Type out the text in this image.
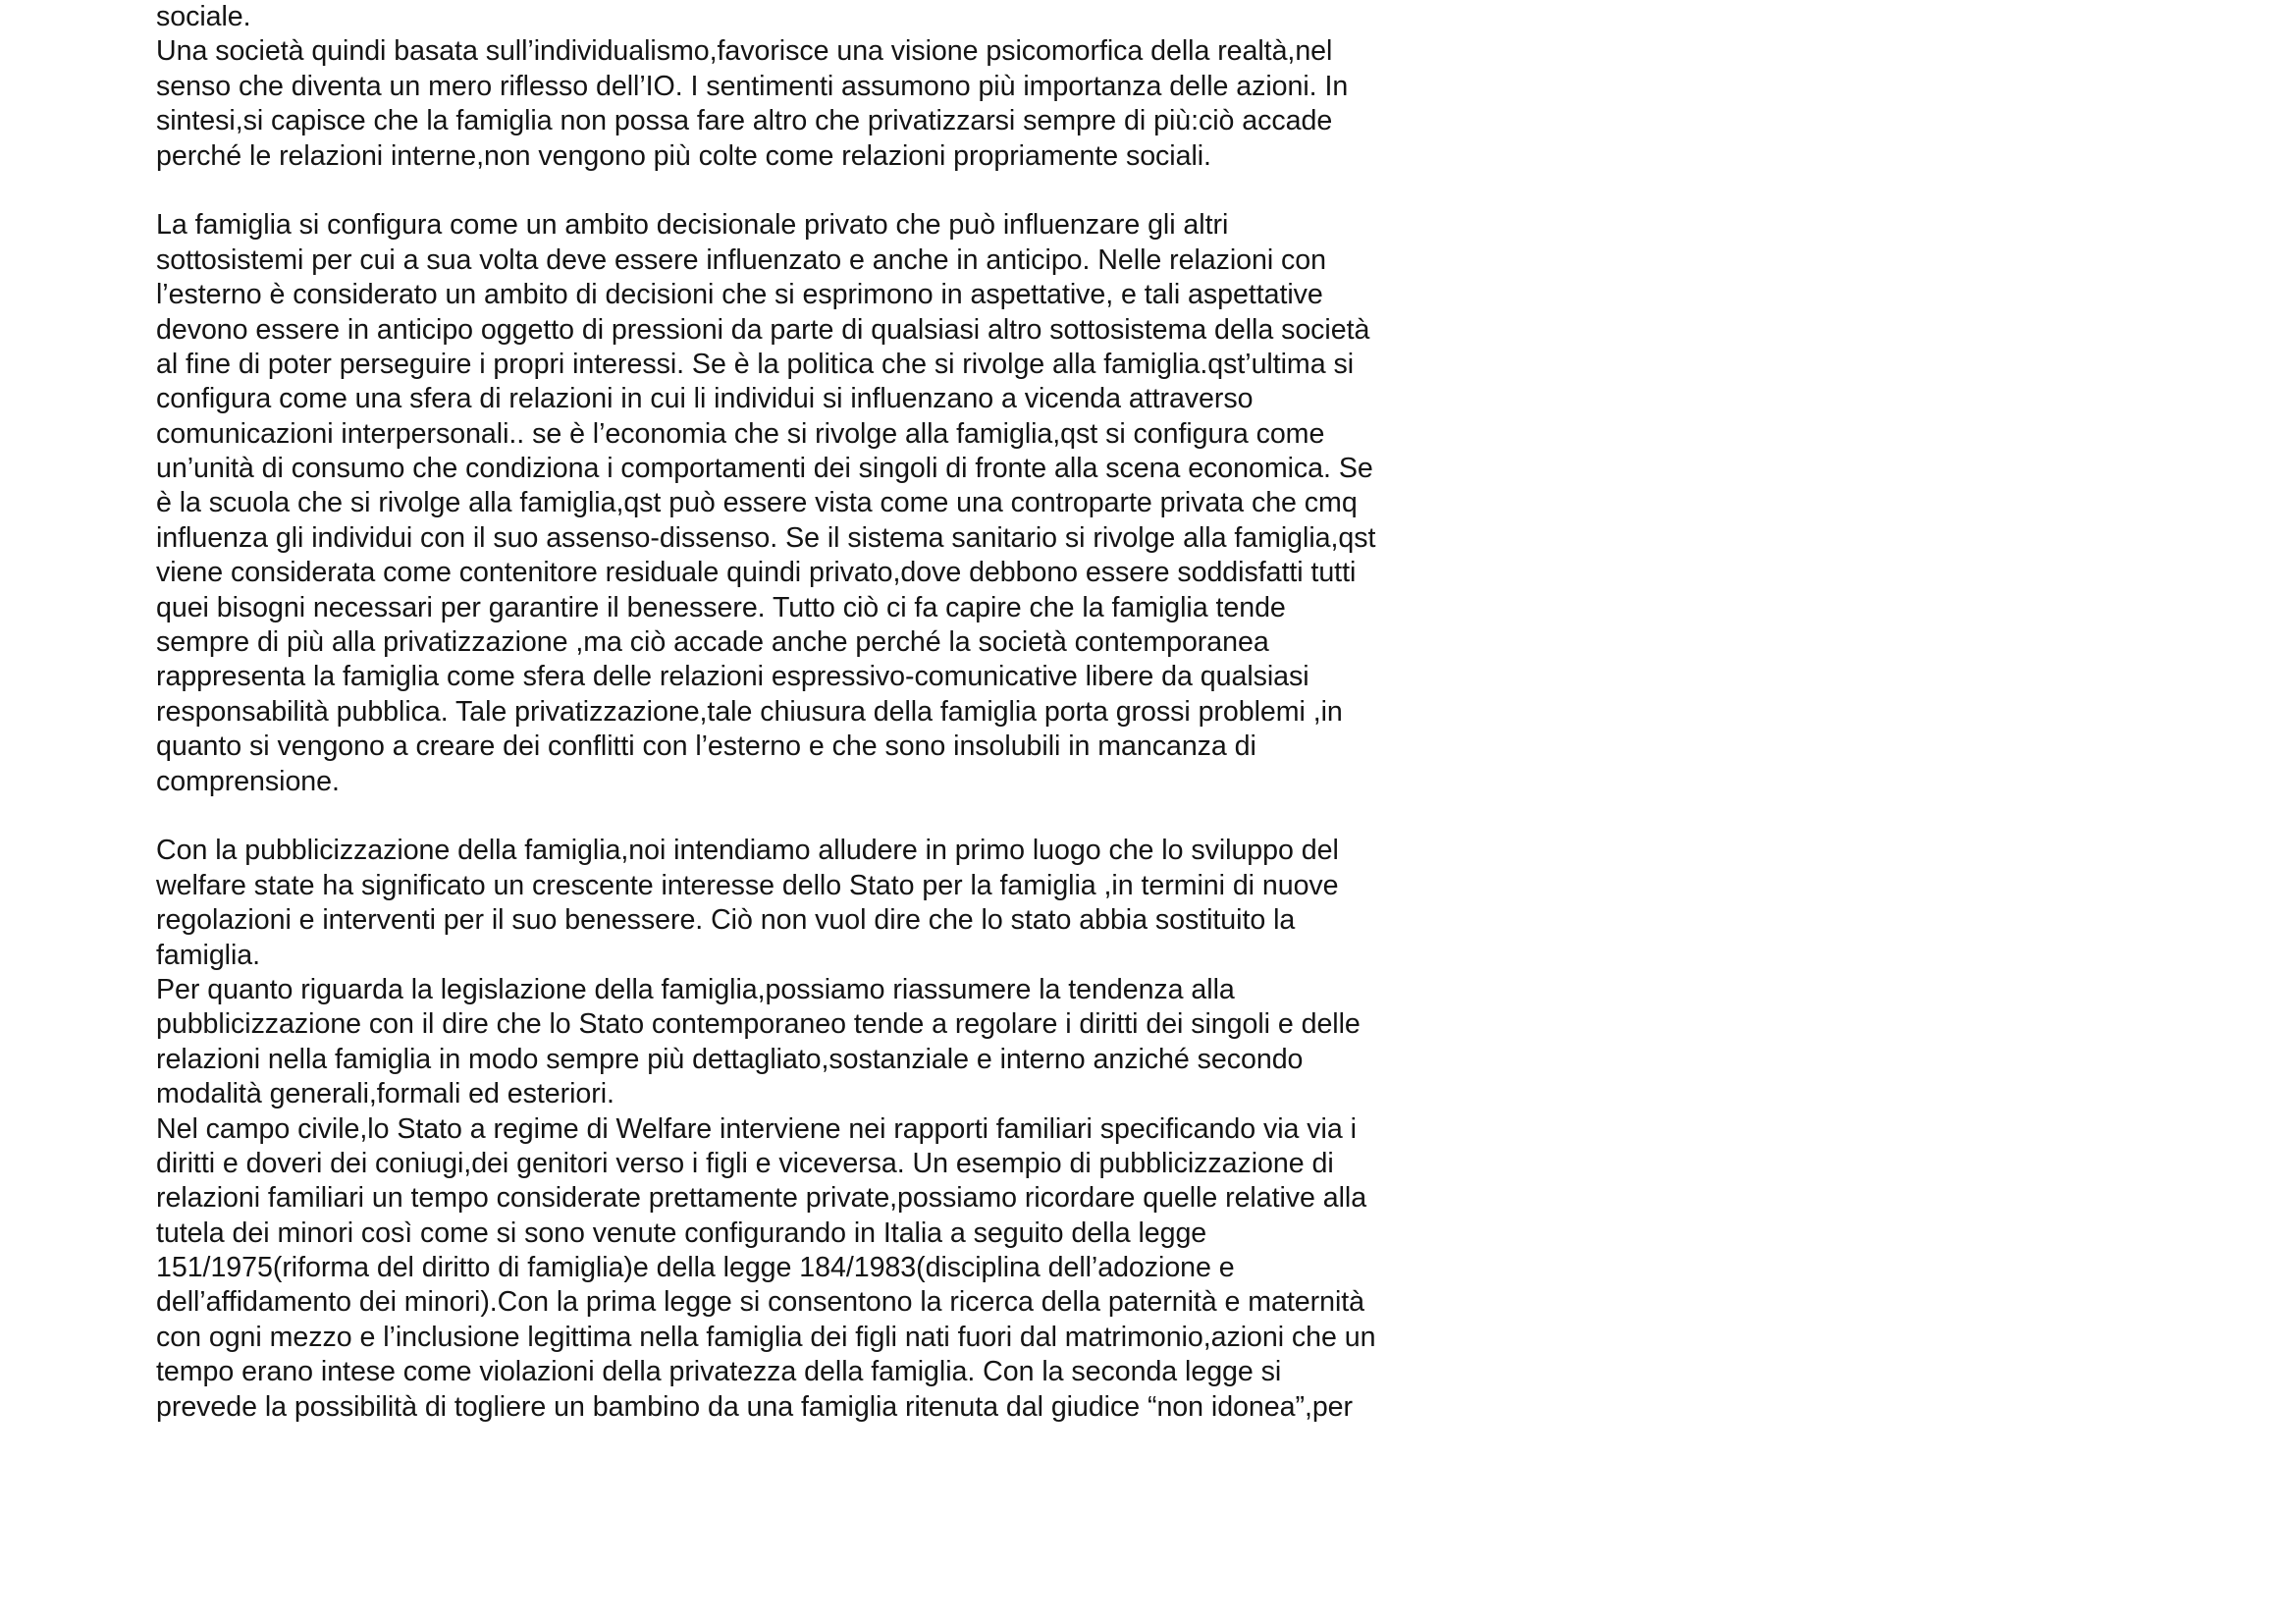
sociale.
Una società quindi basata sull’individualismo,favorisce una visione psicomorfica della realtà,nel
senso che diventa un mero riflesso dell’IO. I sentimenti assumono più importanza delle azioni. In
sintesi,si capisce che la famiglia non possa fare altro che privatizzarsi sempre di più:ciò accade
perché le relazioni interne,non vengono più colte come relazioni propriamente sociali.
La famiglia si configura come un ambito decisionale privato che può influenzare gli altri
sottosistemi per cui a sua volta deve essere influenzato e anche in anticipo. Nelle relazioni con
l’esterno è considerato un ambito di decisioni che si esprimono in aspettative, e tali aspettative
devono essere in anticipo oggetto di pressioni da parte di qualsiasi altro sottosistema della società
al fine di poter perseguire i propri interessi. Se è la politica che si rivolge alla famiglia.qst’ultima si
configura come una sfera di relazioni in cui li individui si influenzano a vicenda attraverso
comunicazioni interpersonali.. se è l’economia che si rivolge alla famiglia,qst si configura come
un’unità di consumo che condiziona i comportamenti dei singoli di fronte alla scena economica. Se
è la scuola che si rivolge alla famiglia,qst può essere vista come una controparte privata che cmq
influenza gli individui con il suo assenso-dissenso. Se il sistema sanitario si rivolge alla famiglia,qst
viene considerata come contenitore residuale quindi privato,dove debbono essere soddisfatti tutti
quei bisogni necessari per garantire il benessere. Tutto ciò ci fa capire che la famiglia tende
sempre di più alla privatizzazione ,ma ciò accade anche perché la società contemporanea
rappresenta la famiglia come sfera delle relazioni espressivo-comunicative libere da qualsiasi
responsabilità pubblica. Tale privatizzazione,tale chiusura della famiglia porta grossi problemi ,in
quanto si vengono a creare dei conflitti con l’esterno e che sono insolubili in mancanza di
comprensione.
Con la pubblicizzazione della famiglia,noi intendiamo alludere in primo luogo che lo sviluppo del
welfare state ha significato un crescente interesse dello Stato per la famiglia ,in termini di nuove
regolazioni e interventi per il suo benessere. Ciò non vuol dire che lo stato abbia sostituito la
famiglia.
Per quanto riguarda la legislazione della famiglia,possiamo riassumere la tendenza alla
pubblicizzazione con il dire che lo Stato contemporaneo tende a regolare i diritti dei singoli e delle
relazioni nella famiglia in modo sempre più dettagliato,sostanziale e interno anziché secondo
modalità generali,formali ed esteriori.
Nel campo civile,lo Stato a regime di Welfare interviene nei rapporti familiari specificando via via i
diritti e doveri dei coniugi,dei genitori verso i figli e viceversa. Un esempio di pubblicizzazione di
relazioni familiari un tempo considerate prettamente private,possiamo ricordare quelle relative alla
tutela dei minori così come si sono venute configurando in Italia a seguito della legge
151/1975(riforma del diritto di famiglia)e della legge 184/1983(disciplina dell’adozione e
dell’affidamento dei minori).Con la prima legge si consentono la ricerca della paternità e maternità
con ogni mezzo e l’inclusione legittima nella famiglia dei figli nati fuori dal matrimonio,azioni che un
tempo erano intese come violazioni della privatezza della famiglia. Con la seconda legge si
prevede la possibilità di togliere un bambino da una famiglia ritenuta dal giudice “non idonea”,per
